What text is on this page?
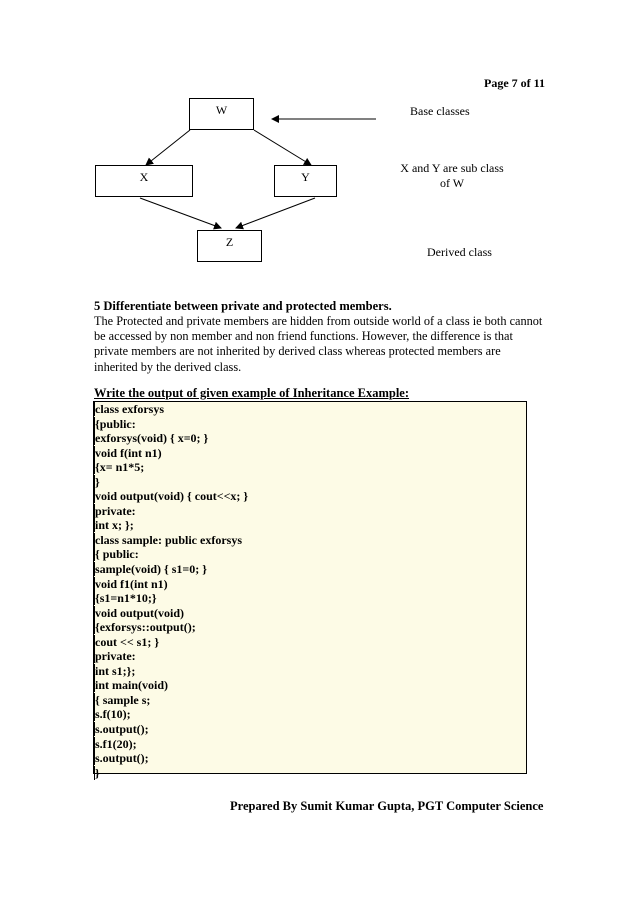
Page 7 of 11
W
X	Y
Z
Base classes
X and Y are sub class
of W
Derived class
5 Differentiate between private and protected members.
The Protected and private members are hidden from outside world of a class ie both cannot be accessed by non member and non friend functions. However, the difference is that private members are not inherited by derived class whereas protected members are inherited by the derived class.
Write the output of given example of Inheritance Example:
class exforsys
{public:
exforsys(void) { x=0; }
void f(int n1)
{x= n1*5;
}
void output(void) { cout<<x; }
private:
int x; };
class sample: public exforsys
{ public:
sample(void) { s1=0; }
void f1(int n1)
{s1=n1*10;}
void output(void)
{exforsys::output();
cout << s1; }
private:
int s1;};
int main(void)
{ sample s;
s.f(10);
s.output();
s.f1(20);
s.output();
}
Prepared By Sumit Kumar Gupta, PGT Computer Science
